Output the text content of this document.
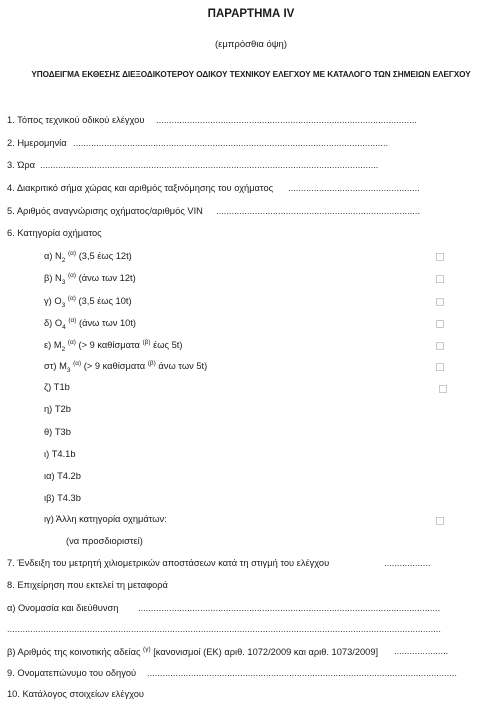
ΠΑΡΑΡΤΗΜΑ IV
(εμπρόσθια όψη)
ΥΠΟΔΕΙΓΜΑ ΕΚΘΕΣΗΣ ΔΙΕΞΟΔΙΚΟΤΕΡΟΥ ΟΔΙΚΟΥ ΤΕΧΝΙΚΟΥ ΕΛΕΓΧΟΥ ΜΕ ΚΑΤΑΛΟΓΟ ΤΩΝ ΣΗΜΕΙΩΝ ΕΛΕΓΧΟΥ
1. Τόπος τεχνικού οδικού ελέγχου .....................................................................................................
2. Ημερομηνία ..........................................................................................................................
3. Ώρα ...................................................................................................................................
4. Διακριτικό σήμα χώρας και αριθμός ταξινόμησης του οχήματος ...................................................
5. Αριθμός αναγνώρισης οχήματος/αριθμός VIN ...............................................................................
6. Κατηγορία οχήματος
α) $N_2$ $^{(\alpha)}$ (3,5 έως 12t)
β) $N_3$ $^{(\alpha)}$ (άνω των 12t)
γ) $O_3$ $^{(\alpha)}$ (3,5 έως 10t)
δ) $O_4$ $^{(\alpha)}$ (άνω των 10t)
ε) $M_2$ $^{(\alpha)}$ (> 9 καθίσματα $^{(\beta)}$ έως 5t)
στ) $M_3$ $^{(\alpha)}$ (> 9 καθίσματα $^{(\beta)}$ άνω των 5t)
ζ) T1b
η) T2b
θ) T3b
ι) T4.1b
ια) T4.2b
ιβ) T4.3b
ιγ) Άλλη κατηγορία οχημάτων:
(να προσδιοριστεί)
7. Ένδειξη του μετρητή χιλιομετρικών αποστάσεων κατά τη στιγμή του ελέγχου	..................
8. Επιχείρηση που εκτελεί τη μεταφορά
α) Ονομασία και διεύθυνση .....................................................................................................................
........................................................................................................................................................................
β) Αριθμός της κοινοτικής αδείας $^{(\gamma)}$ [κανονισμοί (ΕΚ) αριθ. 1072/2009 και αριθ. 1073/2009] .....................
9. Ονοματεπώνυμο του οδηγού ........................................................................................................................
10. Κατάλογος στοιχείων ελέγχου
